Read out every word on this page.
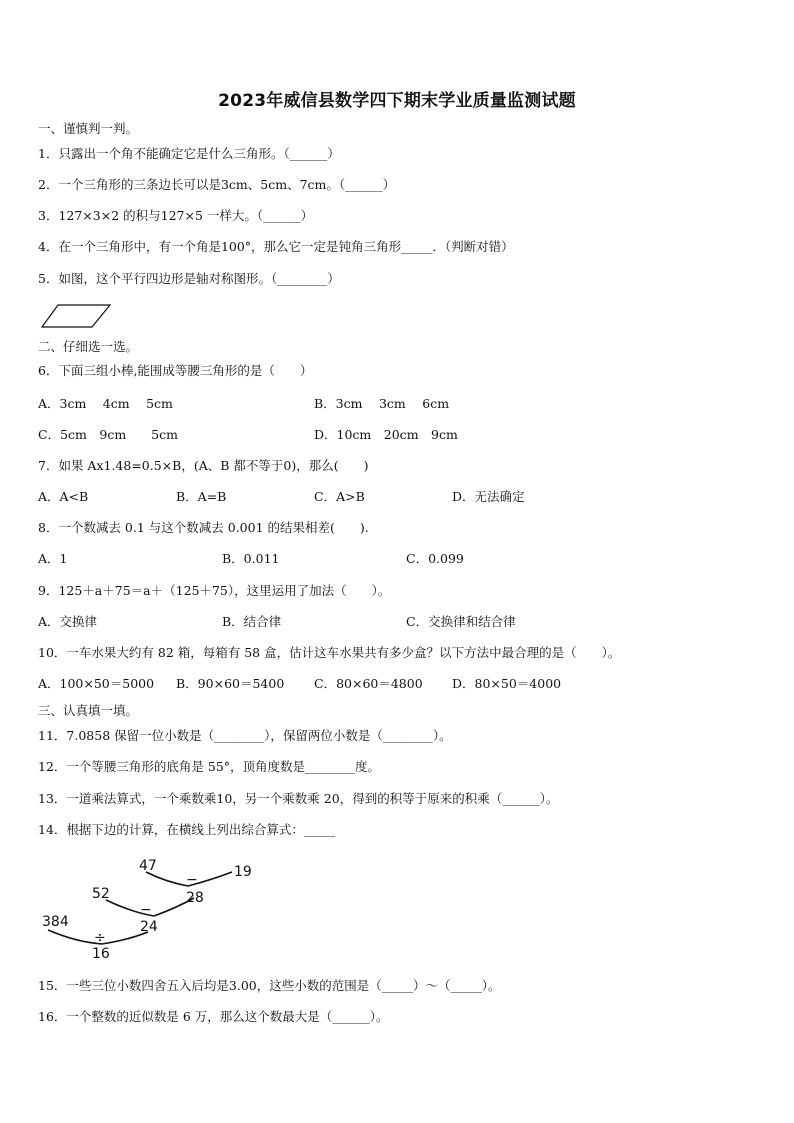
2023年威信县数学四下期末学业质量监测试题
一、谨慎判一判。
1．只露出一个角不能确定它是什么三角形。（______）
2．一个三角形的三条边长可以是3cm、5cm、7cm。（______）
3．127×3×2 的积与127×5 一样大。（______）
4．在一个三角形中，有一个角是100°，那么它一定是钝角三角形_____．（判断对错）
5．如图，这个平行四边形是轴对称图形。（________）
二、仔细选一选。
6．下面三组小棒,能围成等腰三角形的是（　　）
A．3cm　 4cm　 5cm	B．3cm　 3cm　 6cm
C．5cm　9cm　　5cm	D．10cm　20cm　9cm
7．如果 Ax1.48=0.5×B，(A、B 都不等于0)，那么(　　)
A．A<B	B．A=B	C．A>B	D．无法确定
8．一个数减去 0.1 与这个数减去 0.001 的结果相差(　　).
A．1	B．0.011	C．0.099
9．125＋a＋75＝a＋（125＋75），这里运用了加法（　　）。
A．交换律	B．结合律	C．交换律和结合律
10．一车水果大约有 82 箱，每箱有 58 盒，估计这车水果共有多少盒？以下方法中最合理的是（　　）。
A．100×50＝5000 B．90×60＝5400 C．80×60＝4800 D．80×50＝4000
三、认真填一填。
11．7.0858 保留一位小数是（________），保留两位小数是（________）。
12．一个等腰三角形的底角是 55°，顶角度数是________度。
13．一道乘法算式，一个乘数乘10，另一个乘数乘 20，得到的积等于原来的积乘（______）。
14．根据下边的计算，在横线上列出综合算式：_____
47	19
−
28
52
−
24
384
÷
16
15．一些三位小数四舍五入后均是3.00，这些小数的范围是（_____）～（_____）。
16．一个整数的近似数是 6 万，那么这个数最大是（______）。
